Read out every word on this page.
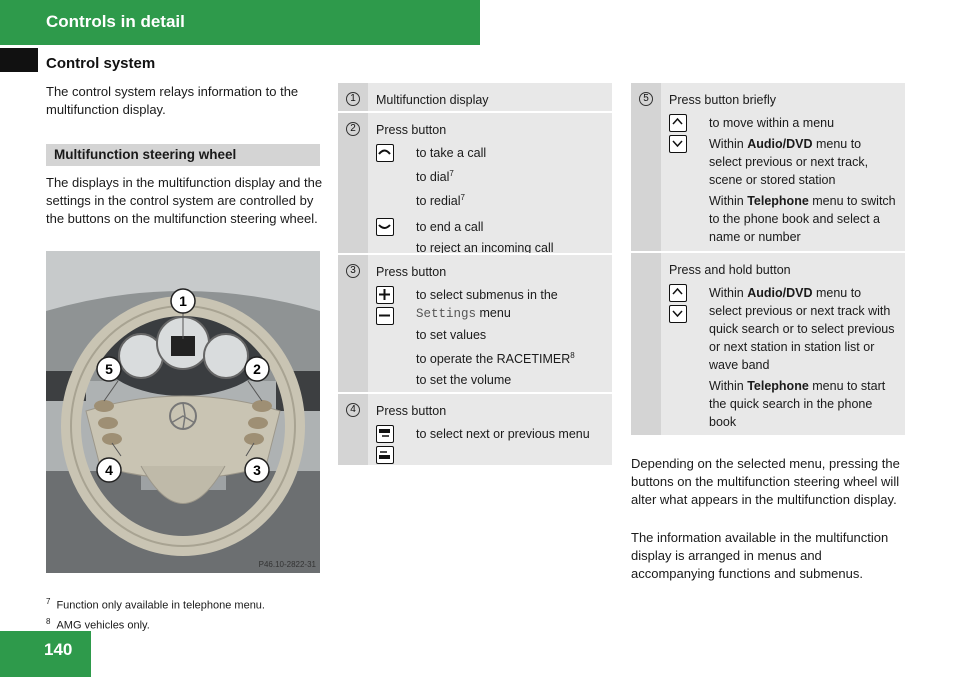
Controls in detail
Control system
The control system relays information to the multifunction display.
Multifunction steering wheel
The displays in the multifunction display and the settings in the control system are controlled by the buttons on the multifunction steering wheel.
1
5	2
4	3
P46.10-2822-31
$^7$ Function only available in telephone menu.
$^8$ AMG vehicles only.
140
1	Multifunction display
2	Press button
to take a call
to dial$^7$
to redial$^7$
to end a call
to reject an incoming call
3	Press button
to select submenus in the
Settings menu
to set values
to operate the RACETIMER$^8$
to set the volume
4	Press button
to select next or previous menu
5	Press button briefly
to move within a menu
Within Audio/DVD menu to select previous or next track, scene or stored station
Within Telephone menu to switch to the phone book and select a name or number
Press and hold button
Within Audio/DVD menu to select previous or next track with quick search or to select previous or next station in station list or wave band
Within Telephone menu to start the quick search in the phone book
Depending on the selected menu, pressing the buttons on the multifunction steering wheel will alter what appears in the multifunction display.
The information available in the multifunction display is arranged in menus and accompanying functions and submenus.
